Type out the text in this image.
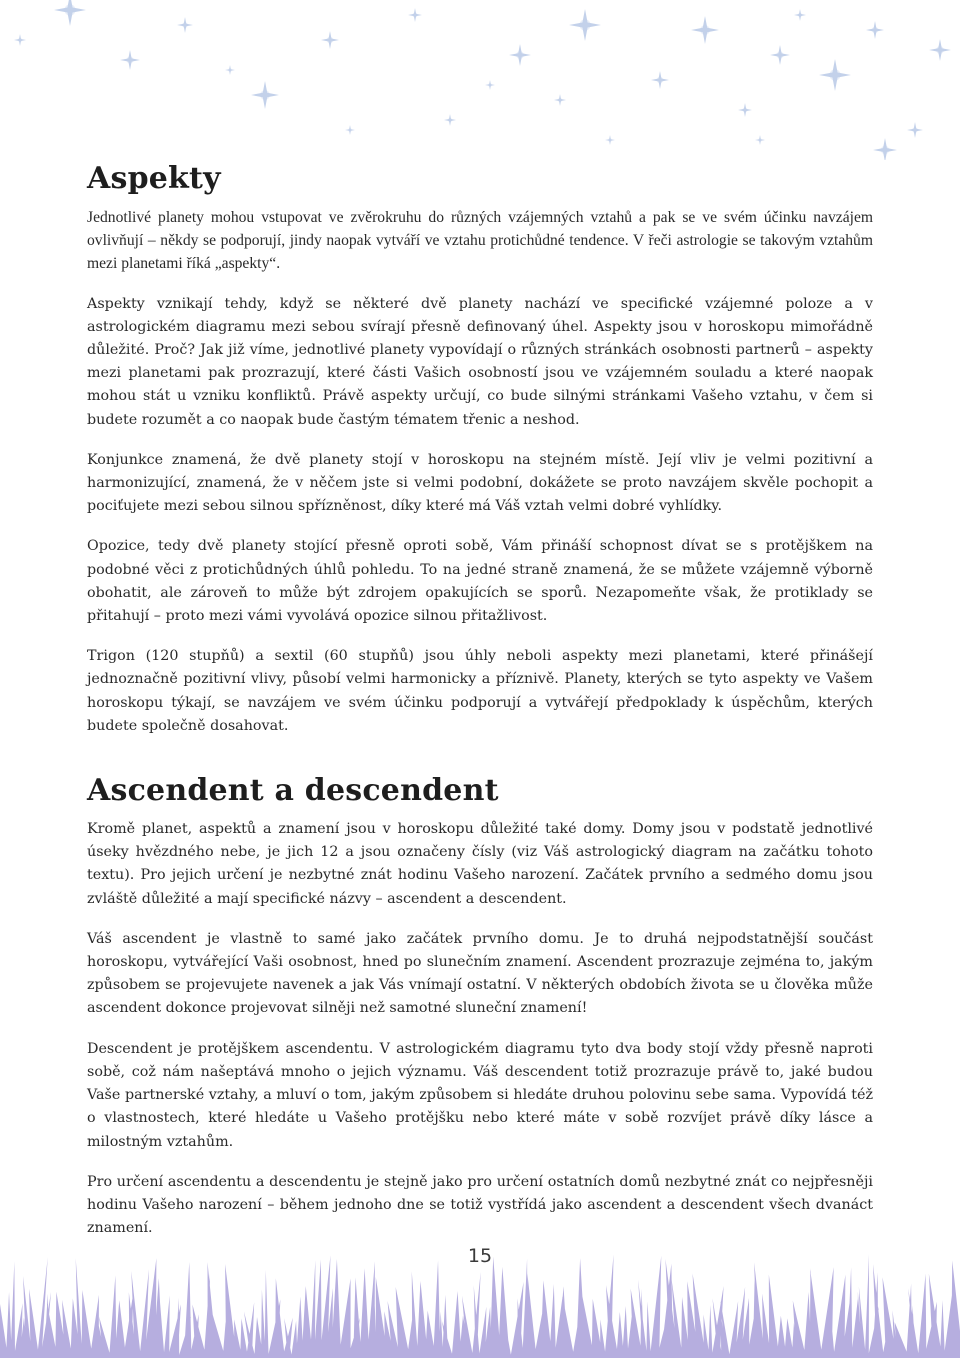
Aspekty

Jednotlivé planety mohou vstupovat ve zvěrokruhu do různých vzájemných vztahů a pak se ve svém účinku navzájem ovlivňují – někdy se podporují, jindy naopak vytváří ve vztahu protichůdné tendence. V řeči astrologie se takovým vztahům mezi planetami říká „aspekty“.

Aspekty vznikají tehdy, když se některé dvě planety nachází ve specifické vzájemné poloze a v astrologickém diagramu mezi sebou svírají přesně definovaný úhel. Aspekty jsou v horoskopu mimořádně důležité. Proč? Jak již víme, jednotlivé planety vypovídají o různých stránkách osobnosti partnerů – aspekty mezi planetami pak prozrazují, které části Vašich osobností jsou ve vzájemném souladu a které naopak mohou stát u vzniku konfliktů. Právě aspekty určují, co bude silnými stránkami Vašeho vztahu, v čem si budete rozumět a co naopak bude častým tématem třenic a neshod.

Konjunkce znamená, že dvě planety stojí v horoskopu na stejném místě. Její vliv je velmi pozitivní a harmonizující, znamená, že v něčem jste si velmi podobní, dokážete se proto navzájem skvěle pochopit a pociťujete mezi sebou silnou spřízněnost, díky které má Váš vztah velmi dobré vyhlídky.

Opozice, tedy dvě planety stojící přesně oproti sobě, Vám přináší schopnost dívat se s protějškem na podobné věci z protichůdných úhlů pohledu. To na jedné straně znamená, že se můžete vzájemně výborně obohatit, ale zároveň to může být zdrojem opakujících se sporů. Nezapomeňte však, že protiklady se přitahují – proto mezi vámi vyvolává opozice silnou přitažlivost.

Trigon (120 stupňů) a sextil (60 stupňů) jsou úhly neboli aspekty mezi planetami, které přinášejí jednoznačně pozitivní vlivy, působí velmi harmonicky a příznivě. Planety, kterých se tyto aspekty ve Vašem horoskopu týkají, se navzájem ve svém účinku podporují a vytvářejí předpoklady k úspěchům, kterých budete společně dosahovat.

Ascendent a descendent

Kromě planet, aspektů a znamení jsou v horoskopu důležité také domy. Domy jsou v podstatě jednotlivé úseky hvězdného nebe, je jich 12 a jsou označeny čísly (viz Váš astrologický diagram na začátku tohoto textu). Pro jejich určení je nezbytné znát hodinu Vašeho narození. Začátek prvního a sedmého domu jsou zvláště důležité a mají specifické názvy – ascendent a descendent.

Váš ascendent je vlastně to samé jako začátek prvního domu. Je to druhá nejpodstatnější součást horoskopu, vytvářející Vaši osobnost, hned po slunečním znamení. Ascendent prozrazuje zejména to, jakým způsobem se projevujete navenek a jak Vás vnímají ostatní. V některých obdobích života se u člověka může ascendent dokonce projevovat silněji než samotné sluneční znamení!

Descendent je protějškem ascendentu. V astrologickém diagramu tyto dva body stojí vždy přesně naproti sobě, což nám našeptává mnoho o jejich významu. Váš descendent totiž prozrazuje právě to, jaké budou Vaše partnerské vztahy, a mluví o tom, jakým způsobem si hledáte druhou polovinu sebe sama. Vypovídá též o vlastnostech, které hledáte u Vašeho protějšku nebo které máte v sobě rozvíjet právě díky lásce a milostným vztahům.

Pro určení ascendentu a descendentu je stejně jako pro určení ostatních domů nezbytné znát co nejpřesněji hodinu Vašeho narození – během jednoho dne se totiž vystřídá jako ascendent a descendent všech dvanáct znamení.

15
